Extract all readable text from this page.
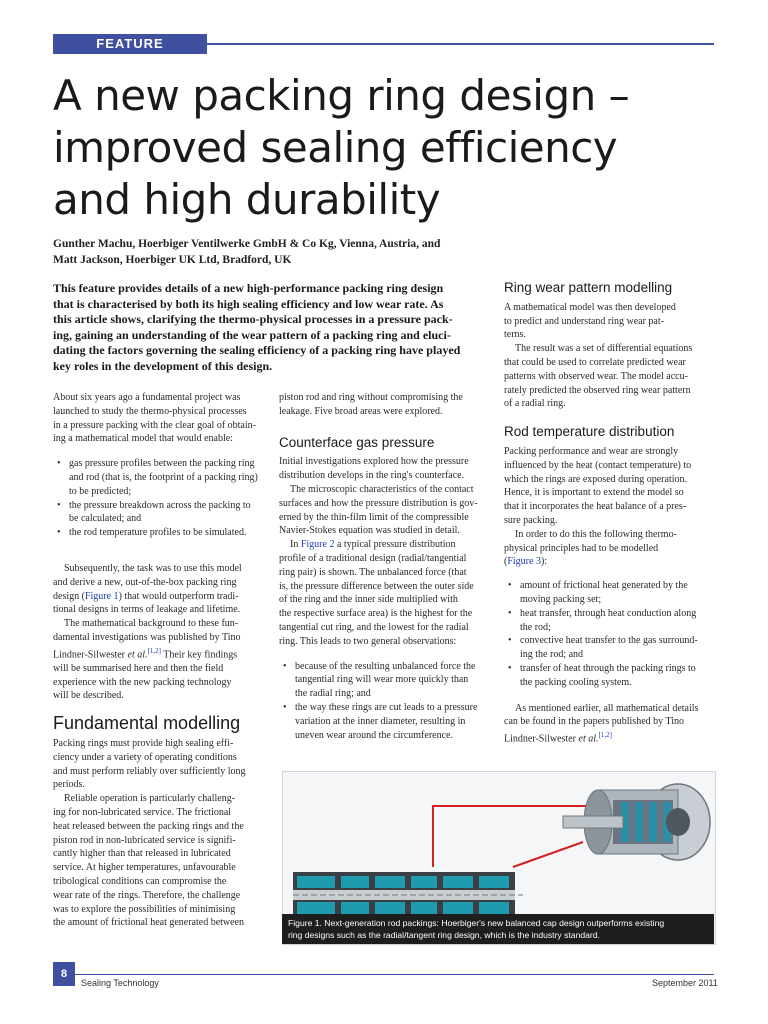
FEATURE
A new packing ring design –
improved sealing efficiency
and high durability
Gunther Machu, Hoerbiger Ventilwerke GmbH & Co Kg, Vienna, Austria, and
Matt Jackson, Hoerbiger UK Ltd, Bradford, UK
This feature provides details of a new high-performance packing ring design
that is characterised by both its high sealing efficiency and low wear rate. As
this article shows, clarifying the thermo-physical processes in a pressure pack-
ing, gaining an understanding of the wear pattern of a packing ring and eluci-
dating the factors governing the sealing efficiency of a packing ring have played
key roles in the development of this design.
About six years ago a fundamental project was
launched to study the thermo-physical processes
in a pressure packing with the clear goal of obtain-
ing a mathematical model that would enable:
• gas pressure profiles between the packing ring
and rod (that is, the footprint of a packing ring)
to be predicted;
• the pressure breakdown across the packing to
be calculated; and
• the rod temperature profiles to be simulated.
Subsequently, the task was to use this model
and derive a new, out-of-the-box packing ring
design (Figure 1) that would outperform tradi-
tional designs in terms of leakage and lifetime.
The mathematical background to these fun-
damental investigations was published by Tino
Lindner-Silwester et al.[1,2] Their key findings
will be summarised here and then the field
experience with the new packing technology
will be described.
Fundamental modelling
Packing rings must provide high sealing effi-
ciency under a variety of operating conditions
and must perform reliably over sufficiently long
periods.
Reliable operation is particularly challeng-
ing for non-lubricated service. The frictional
heat released between the packing rings and the
piston rod in non-lubricated service is signifi-
cantly higher than that released in lubricated
service. At higher temperatures, unfavourable
tribological conditions can compromise the
wear rate of the rings. Therefore, the challenge
was to explore the possibilities of minimising
the amount of frictional heat generated between
piston rod and ring without compromising the
leakage. Five broad areas were explored.
Counterface gas pressure
Initial investigations explored how the pressure
distribution develops in the ring's counterface.
The microscopic characteristics of the contact
surfaces and how the pressure distribution is gov-
erned by the thin-film limit of the compressible
Navier-Stokes equation was studied in detail.
In Figure 2 a typical pressure distribution
profile of a traditional design (radial/tangential
ring pair) is shown. The unbalanced force (that
is, the pressure difference between the outer side
of the ring and the inner side multiplied with
the respective surface area) is the highest for the
tangential cut ring, and the lowest for the radial
ring. This leads to two general observations:
• because of the resulting unbalanced force the
tangential ring will wear more quickly than
the radial ring; and
• the way these rings are cut leads to a pressure
variation at the inner diameter, resulting in
uneven wear around the circumference.
Ring wear pattern modelling
A mathematical model was then developed
to predict and understand ring wear pat-
terns.
The result was a set of differential equations
that could be used to correlate predicted wear
patterns with observed wear. The model accu-
rately predicted the observed ring wear pattern
of a radial ring.
Rod temperature distribution
Packing performance and wear are strongly
influenced by the heat (contact temperature) to
which the rings are exposed during operation.
Hence, it is important to extend the model so
that it incorporates the heat balance of a pres-
sure packing.
In order to do this the following thermo-
physical principles had to be modelled
(Figure 3):
• amount of frictional heat generated by the
moving packing set;
• heat transfer, through heat conduction along
the rod;
• convective heat transfer to the gas surround-
ing the rod; and
• transfer of heat through the packing rings to
the packing cooling system.
As mentioned earlier, all mathematical details
can be found in the papers published by Tino
Lindner-Silwester et al.[1,2]
Figure 1. Next-generation rod packings: Hoerbiger's new balanced cap design outperforms existing
ring designs such as the radial/tangent ring design, which is the industry standard.
8
Sealing Technology	September 2011
